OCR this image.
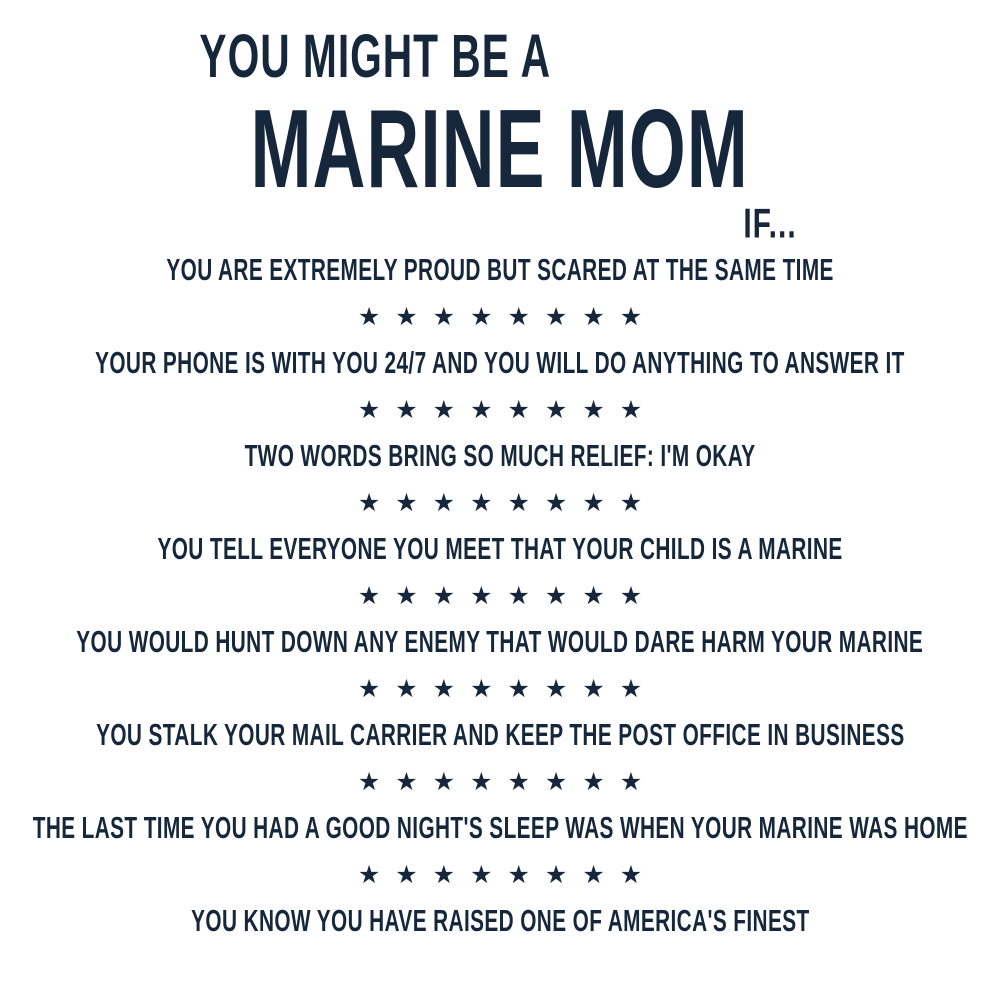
YOU MIGHT BE A
MARINE MOM
IF...
YOU ARE EXTREMELY PROUD BUT SCARED AT THE SAME TIME
★ ★ ★ ★ ★ ★ ★ ★
YOUR PHONE IS WITH YOU 24/7 AND YOU WILL DO ANYTHING TO ANSWER IT
★ ★ ★ ★ ★ ★ ★ ★
TWO WORDS BRING SO MUCH RELIEF: I'M OKAY
★ ★ ★ ★ ★ ★ ★ ★
YOU TELL EVERYONE YOU MEET THAT YOUR CHILD IS A MARINE
★ ★ ★ ★ ★ ★ ★ ★
YOU WOULD HUNT DOWN ANY ENEMY THAT WOULD DARE HARM YOUR MARINE
★ ★ ★ ★ ★ ★ ★ ★
YOU STALK YOUR MAIL CARRIER AND KEEP THE POST OFFICE IN BUSINESS
★ ★ ★ ★ ★ ★ ★ ★
THE LAST TIME YOU HAD A GOOD NIGHT'S SLEEP WAS WHEN YOUR MARINE WAS HOME
★ ★ ★ ★ ★ ★ ★ ★
YOU KNOW YOU HAVE RAISED ONE OF AMERICA'S FINEST
